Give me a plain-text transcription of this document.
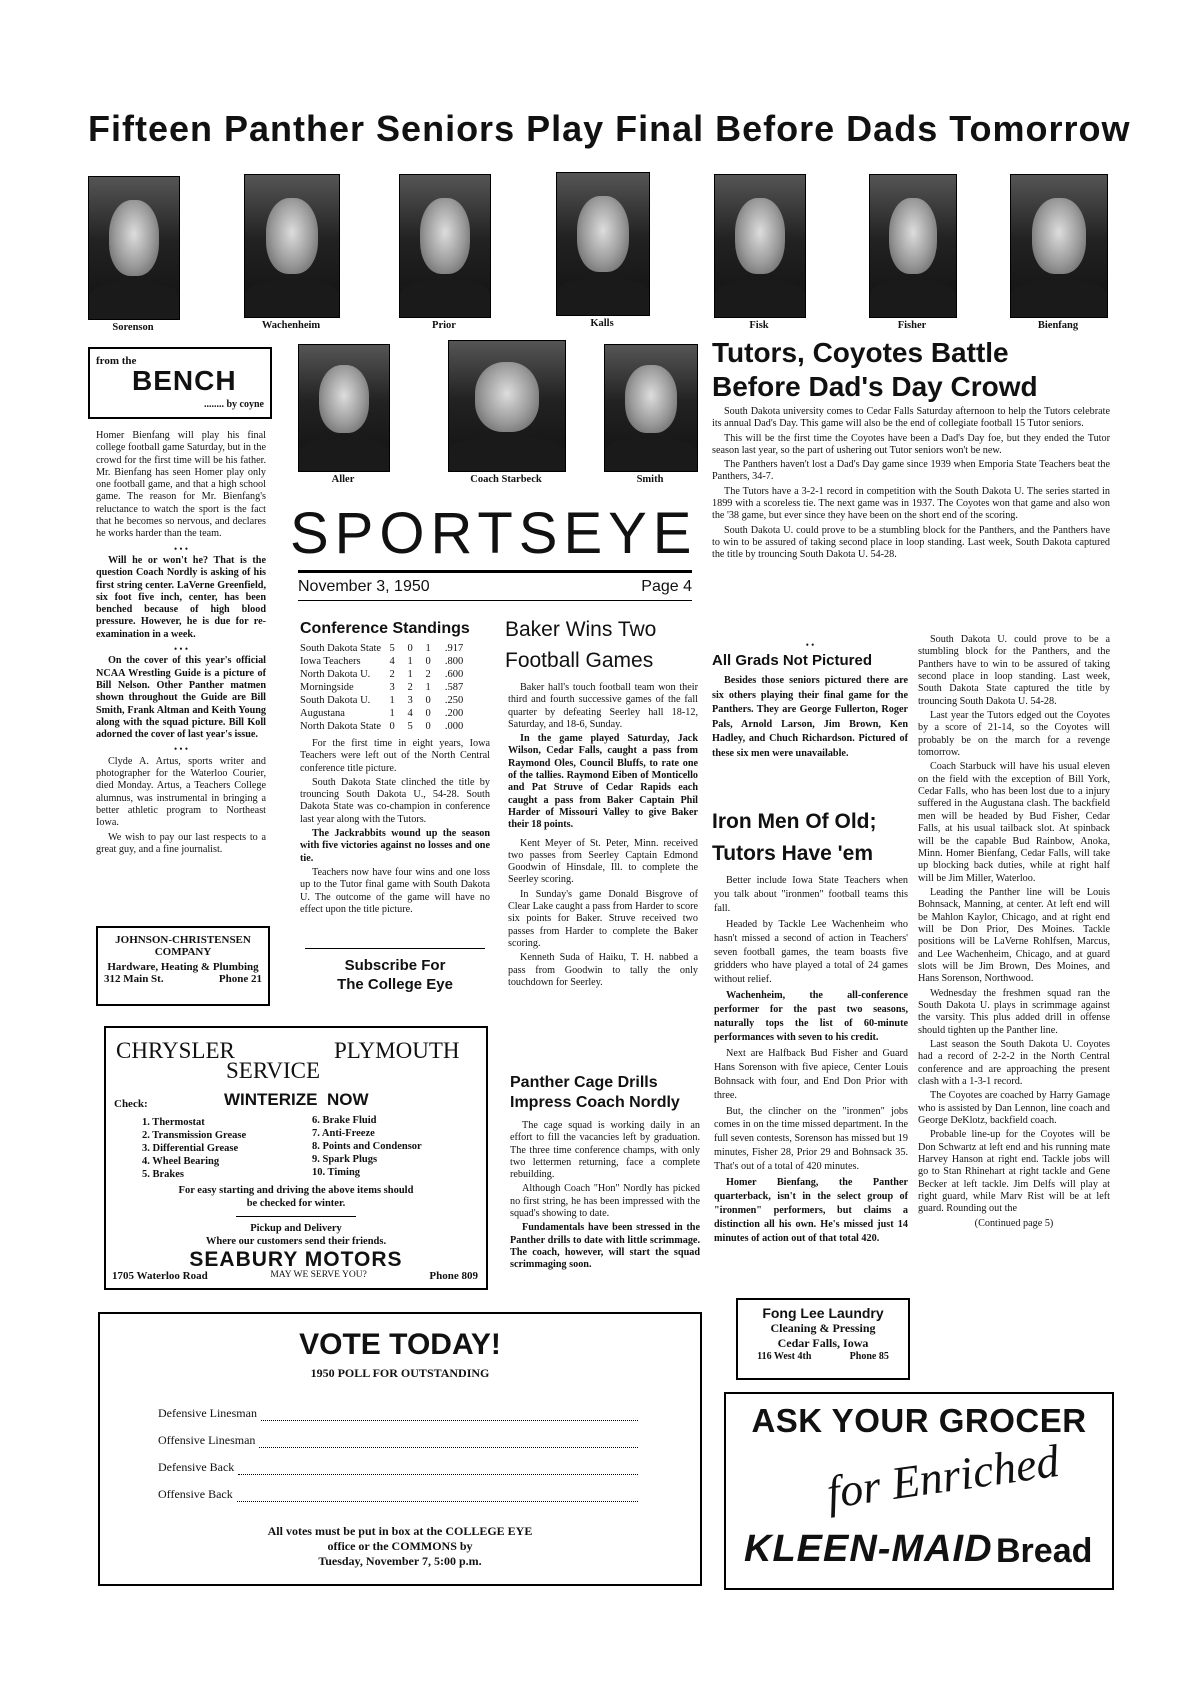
Fifteen Panther Seniors Play Final Before Dads Tomorrow
Sorenson	Wachenheim	Prior	Kalls	Fisk	Fisher	Bienfang
from the
BENCH
........ by coyne

Homer Bienfang will play his final college football game Saturday, but in the crowd for the first time will be his father. Mr. Bienfang has seen Homer play only one football game, and that a high school game. The reason for Mr. Bienfang's reluctance to watch the sport is the fact that he becomes so nervous, and declares he works harder than the team.

• • •

Will he or won't he? That is the question Coach Nordly is asking of his first string center. LaVerne Greenfield, six foot five inch, center, has been benched because of high blood pressure. However, he is due for re-examination in a week.

• • •

On the cover of this year's official NCAA Wrestling Guide is a picture of Bill Nelson. Other Panther matmen shown throughout the Guide are Bill Smith, Frank Altman and Keith Young along with the squad picture. Bill Koll adorned the cover of last year's issue.

• • •

Clyde A. Artus, sports writer and photographer for the Waterloo Courier, died Monday. Artus, a Teachers College alumnus, was instrumental in bringing a better athletic program to Northeast Iowa.

We wish to pay our last respects to a great guy, and a fine journalist.

JOHNSON-CHRISTENSEN
COMPANY
Hardware, Heating & Plumbing
312 Main St.	Phone 21
Aller	Coach Starbeck	Smith
SPORTS EYE
November 3, 1950	Page 4
Conference Standings
South Dakota State	5	0	1	.917
Iowa Teachers	4	1	0	.800
North Dakota U.	2	1	2	.600
Morningside	3	2	1	.587
South Dakota U.	1	3	0	.250
Augustana	1	4	0	.200
North Dakota State	0	5	0	.000

For the first time in eight years, Iowa Teachers were left out of the North Central conference title picture.

South Dakota State clinched the title by trouncing South Dakota U., 54-28. South Dakota State was co-champion in conference last year along with the Tutors.

The Jackrabbits wound up the season with five victories against no losses and one tie.

Teachers now have four wins and one loss up to the Tutor final game with South Dakota U. The outcome of the game will have no effect upon the title picture.

Subscribe For
The College Eye
Baker Wins Two
Football Games

Baker hall's touch football team won their third and fourth successive games of the fall quarter by defeating Seerley hall 18-12, Saturday, and 18-6, Sunday.

In the game played Saturday, Jack Wilson, Cedar Falls, caught a pass from Raymond Oles, Council Bluffs, to rate one of the tallies. Raymond Eiben of Monticello and Pat Struve of Cedar Rapids each caught a pass from Baker Captain Phil Harder of Missouri Valley to give Baker their 18 points.

Kent Meyer of St. Peter, Minn. received two passes from Seerley Captain Edmond Goodwin of Hinsdale, Ill. to complete the Seerley scoring.

In Sunday's game Donald Bisgrove of Clear Lake caught a pass from Harder to score six points for Baker. Struve received two passes from Harder to complete the Baker scoring.

Kenneth Suda of Haiku, T. H. nabbed a pass from Goodwin to tally the only touchdown for Seerley.

Panther Cage Drills
Impress Coach Nordly

The cage squad is working daily in an effort to fill the vacancies left by graduation. The three time conference champs, with only two lettermen returning, face a complete rebuilding.

Although Coach "Hon" Nordly has picked no first string, he has been impressed with the squad's showing to date.

Fundamentals have been stressed in the Panther drills to date with little scrimmage. The coach, however, will start the squad scrimmaging soon.

CHRYSLER
SERVICE
PLYMOUTH
Check:	WINTERIZE  NOW
1. Thermostat
2. Transmission Grease
3. Differential Grease
4. Wheel Bearing
5. Brakes
6. Brake Fluid
7. Anti-Freeze
8. Points and Condensor
9. Spark Plugs
10. Timing
For easy starting and driving the above items should
be checked for winter.
Pickup and Delivery
Where our customers send their friends.
SEABURY MOTORS
1705 Waterloo Road	MAY WE SERVE YOU?	Phone 809
VOTE TODAY!
1950 POLL FOR OUTSTANDING
Defensive Linesman
Offensive Linesman
Defensive Back
Offensive Back
All votes must be put in box at the COLLEGE EYE
office or the COMMONS by
Tuesday, November 7, 5:00 p.m.
Tutors, Coyotes Battle
Before Dad's Day Crowd

South Dakota university comes to Cedar Falls Saturday afternoon to help the Tutors celebrate its annual Dad's Day. This game will also be the end of collegiate football 15 Tutor seniors.

This will be the first time the Coyotes have been a Dad's Day foe, but they ended the Tutor season last year, so the part of ushering out Tutor seniors won't be new.

The Panthers haven't lost a Dad's Day game since 1939 when Emporia State Teachers beat the Panthers, 34-7.

The Tutors have a 3-2-1 record in competition with the South Dakota U. The series started in 1899 with a scoreless tie. The next game was in 1937. The Coyotes won that game and also won the '38 game, but ever since they have been on the short end of the scoring.

South Dakota U. could prove to be a stumbling block for the Panthers, and the Panthers have to win to be assured of taking second place in loop standing. Last week, South Dakota captured the title by trouncing South Dakota U. 54-28.

• •
All Grads Not Pictured

Besides those seniors pictured there are six others playing their final game for the Panthers. They are George Fullerton, Roger Pals, Arnold Larson, Jim Brown, Ken Hadley, and Chuch Richardson. Pictured of these six men were unavailable.

Iron Men Of Old;
Tutors Have 'em

Better include Iowa State Teachers when you talk about "ironmen" football teams this fall.

Headed by Tackle Lee Wachenheim who hasn't missed a second of action in Teachers' seven football games, the team boasts five gridders who have played a total of 24 games without relief.

Wachenheim, the all-conference performer for the past two seasons, naturally tops the list of 60-minute performances with seven to his credit.

Next are Halfback Bud Fisher and Guard Hans Sorenson with five apiece, Center Louis Bohnsack with four, and End Don Prior with three.

But, the clincher on the "ironmen" jobs comes in on the time missed department. In the full seven contests, Sorenson has missed but 19 minutes, Fisher 28, Prior 29 and Bohnsack 35. That's out of a total of 420 minutes.

Homer Bienfang, the Panther quarterback, isn't in the select group of "ironmen" performers, but claims a distinction all his own. He's missed just 14 minutes of action out of that total 420.

Fong Lee Laundry
Cleaning & Pressing
Cedar Falls, Iowa
116 West 4th	Phone 85

South Dakota U. could prove to be a stumbling block for the Panthers, and the Panthers have to win to be assured of taking second place in loop standing. Last week, South Dakota State captured the title by trouncing South Dakota U. 54-28.

Last year the Tutors edged out the Coyotes by a score of 21-14, so the Coyotes will probably be on the march for a revenge tomorrow.

Coach Starbuck will have his usual eleven on the field with the exception of Bill York, Cedar Falls, who has been lost due to a injury suffered in the Augustana clash. The backfield men will be headed by Bud Fisher, Cedar Falls, at his usual tailback slot. At spinback will be the capable Bud Rainbow, Anoka, Minn. Homer Bienfang, Cedar Falls, will take up blocking back duties, while at right half will be Jim Miller, Waterloo.

Leading the Panther line will be Louis Bohnsack, Manning, at center. At left end will be Mahlon Kaylor, Chicago, and at right end will be Don Prior, Des Moines. Tackle positions will be LaVerne Rohlfsen, Marcus, and Lee Wachenheim, Chicago, and at guard slots will be Jim Brown, Des Moines, and Hans Sorenson, Northwood.

Wednesday the freshmen squad ran the South Dakota U. plays in scrimmage against the varsity. This plus added drill in offense should tighten up the Panther line.

Last season the South Dakota U. Coyotes had a record of 2-2-2 in the North Central conference and are approaching the present clash with a 1-3-1 record.

The Coyotes are coached by Harry Gamage who is assisted by Dan Lennon, line coach and George DeKlotz, backfield coach.

Probable line-up for the Coyotes will be Don Schwartz at left end and his running mate Harvey Hanson at right end. Tackle jobs will go to Stan Rhinehart at right tackle and Gene Becker at left tackle. Jim Delfs will play at right guard, while Marv Rist will be at left guard. Rounding out the

(Continued page 5)
ASK YOUR GROCER
for Enriched
KLEEN-MAID Bread
